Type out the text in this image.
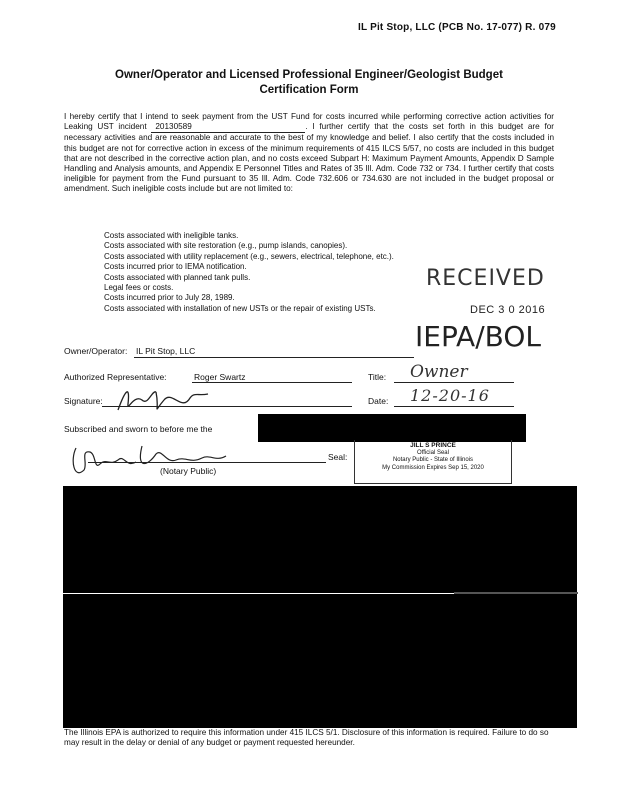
IL Pit Stop, LLC (PCB No. 17-077) R. 079
Owner/Operator and Licensed Professional Engineer/Geologist Budget
Certification Form
I hereby certify that I intend to seek payment from the UST Fund for costs incurred while performing corrective action activities for Leaking UST incident 20130589	. I further certify that the costs set forth in this budget are for necessary activities and are reasonable and accurate to the best of my knowledge and belief. I also certify that the costs included in this budget are not for corrective action in excess of the minimum requirements of 415 ILCS 5/57, no costs are included in this budget that are not described in the corrective action plan, and no costs exceed Subpart H: Maximum Payment Amounts, Appendix D Sample Handling and Analysis amounts, and Appendix E Personnel Titles and Rates of 35 Ill. Adm. Code 732 or 734. I further certify that costs ineligible for payment from the Fund pursuant to 35 Ill. Adm. Code 732.606 or 734.630 are not included in the budget proposal or amendment. Such ineligible costs include but are not limited to:
Costs associated with ineligible tanks.
Costs associated with site restoration (e.g., pump islands, canopies).
Costs associated with utility replacement (e.g., sewers, electrical, telephone, etc.).
Costs incurred prior to IEMA notification.
Costs associated with planned tank pulls.
Legal fees or costs.
Costs incurred prior to July 28, 1989.
Costs associated with installation of new USTs or the repair of existing USTs.
RECEIVED
DEC 3 0 2016
IEPA/BOL
Owner/Operator: IL Pit Stop, LLC
Authorized Representative:	Roger Swartz	Title: Owner
Signature:	Date: 12-20-16
Subscribed and sworn to before me the
(Notary Public)
Seal:
JILL S PRINCE
Official Seal
Notary Public - State of Illinois
My Commission Expires Sep 15, 2020
The Illinois EPA is authorized to require this information under 415 ILCS 5/1. Disclosure of this information is required. Failure to do so may result in the delay or denial of any budget or payment requested hereunder.
